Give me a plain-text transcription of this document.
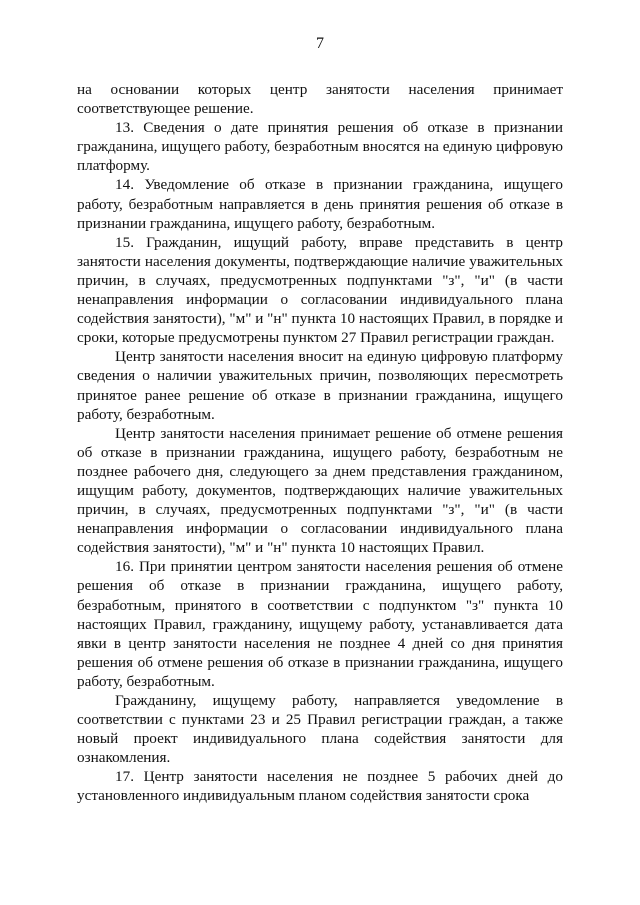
7

на основании которых центр занятости населения принимает соответствующее решение.

13. Сведения о дате принятия решения об отказе в признании гражданина, ищущего работу, безработным вносятся на единую цифровую платформу.

14. Уведомление об отказе в признании гражданина, ищущего работу, безработным направляется в день принятия решения об отказе в признании гражданина, ищущего работу, безработным.

15. Гражданин, ищущий работу, вправе представить в центр занятости населения документы, подтверждающие наличие уважительных причин, в случаях, предусмотренных подпунктами "з", "и" (в части ненаправления информации о согласовании индивидуального плана содействия занятости), "м" и "н" пункта 10 настоящих Правил, в порядке и сроки, которые предусмотрены пунктом 27 Правил регистрации граждан.

Центр занятости населения вносит на единую цифровую платформу сведения о наличии уважительных причин, позволяющих пересмотреть принятое ранее решение об отказе в признании гражданина, ищущего работу, безработным.

Центр занятости населения принимает решение об отмене решения об отказе в признании гражданина, ищущего работу, безработным не позднее рабочего дня, следующего за днем представления гражданином, ищущим работу, документов, подтверждающих наличие уважительных причин, в случаях, предусмотренных подпунктами "з", "и" (в части ненаправления информации о согласовании индивидуального плана содействия занятости), "м" и "н" пункта 10 настоящих Правил.

16. При принятии центром занятости населения решения об отмене решения об отказе в признании гражданина, ищущего работу, безработным, принятого в соответствии с подпунктом "з" пункта 10 настоящих Правил, гражданину, ищущему работу, устанавливается дата явки в центр занятости населения не позднее 4 дней со дня принятия решения об отмене решения об отказе в признании гражданина, ищущего работу, безработным.

Гражданину, ищущему работу, направляется уведомление в соответствии с пунктами 23 и 25 Правил регистрации граждан, а также новый проект индивидуального плана содействия занятости для ознакомления.

17. Центр занятости населения не позднее 5 рабочих дней до установленного индивидуальным планом содействия занятости срока
